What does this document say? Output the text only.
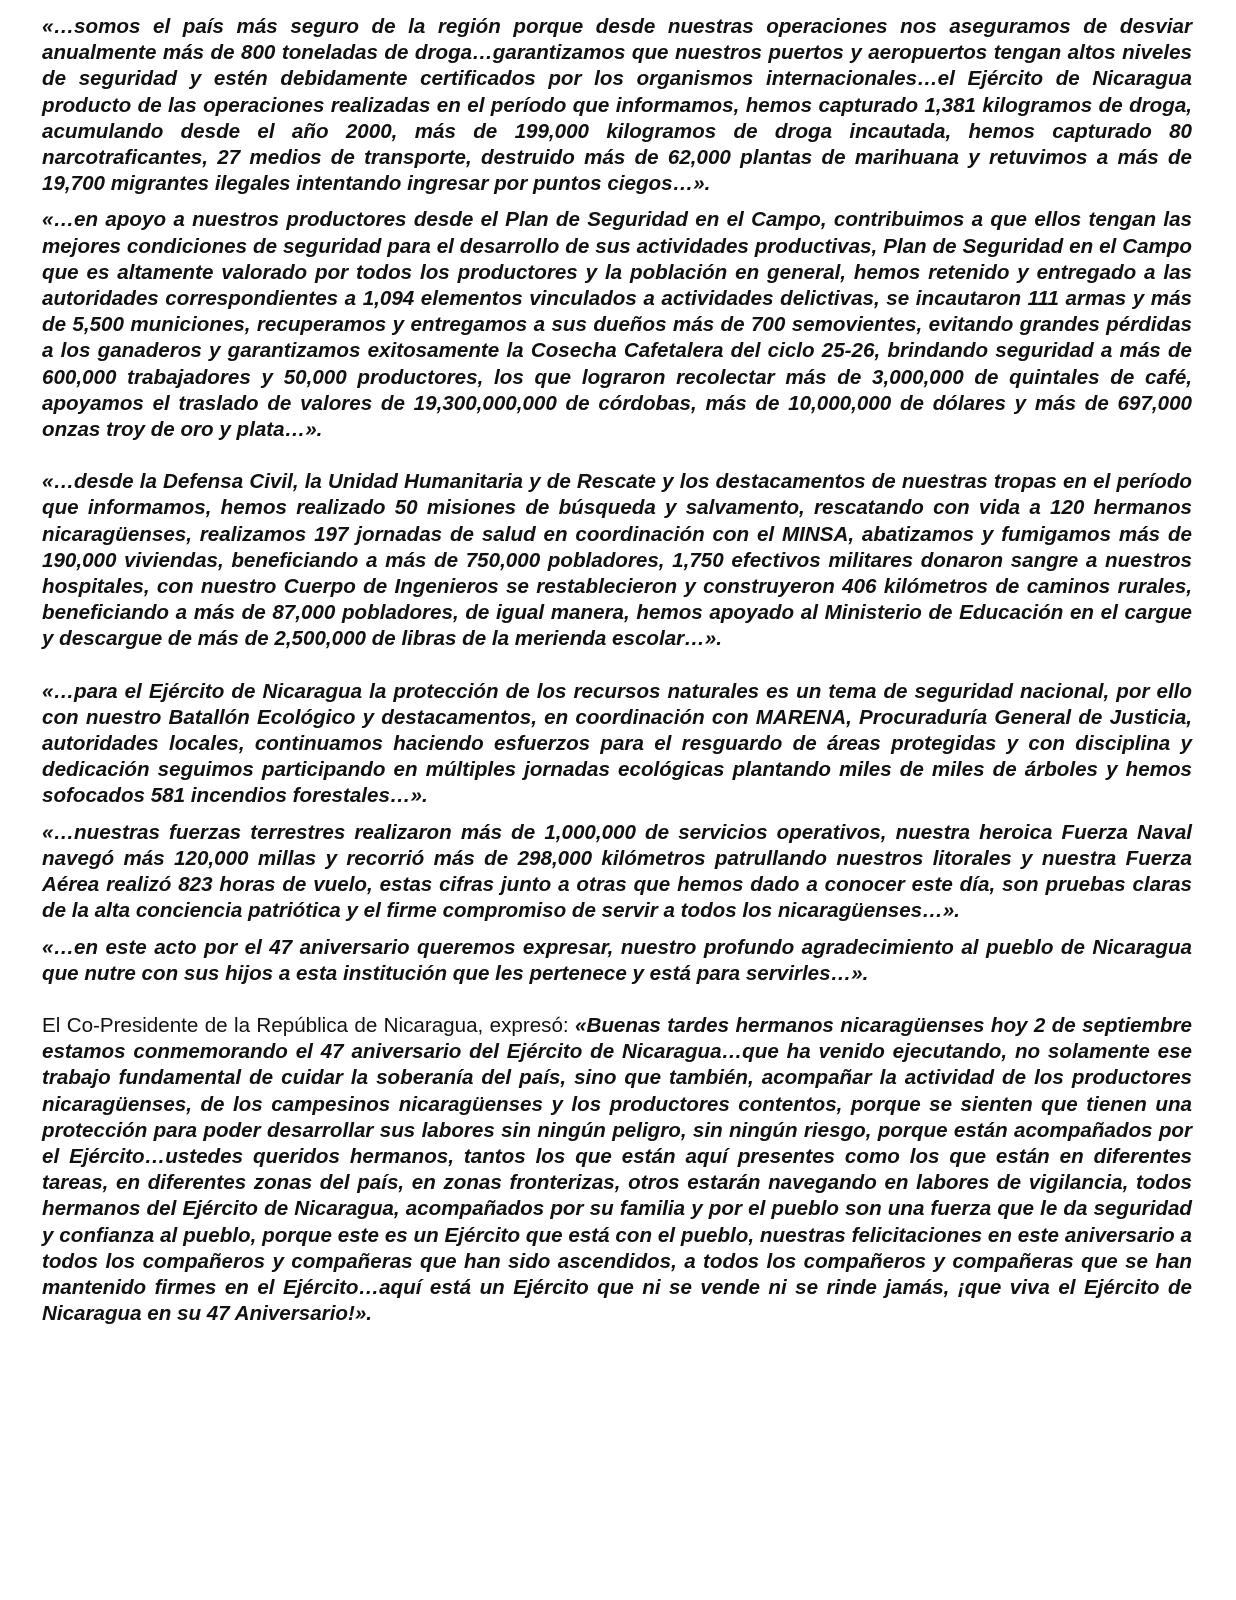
«…somos el país más seguro de la región porque desde nuestras operaciones nos aseguramos de desviar anualmente más de 800 toneladas de droga…garantizamos que nuestros puertos y aeropuertos tengan altos niveles de seguridad y estén debidamente certificados por los organismos internacionales…el Ejército de Nicaragua producto de las operaciones realizadas en el período que informamos, hemos capturado 1,381 kilogramos de droga, acumulando desde el año 2000, más de 199,000 kilogramos de droga incautada, hemos capturado 80 narcotraficantes, 27 medios de transporte, destruido más de 62,000 plantas de marihuana y retuvimos a más de 19,700 migrantes ilegales intentando ingresar por puntos ciegos…».

«…en apoyo a nuestros productores desde el Plan de Seguridad en el Campo, contribuimos a que ellos tengan las mejores condiciones de seguridad para el desarrollo de sus actividades productivas, Plan de Seguridad en el Campo que es altamente valorado por todos los productores y la población en general, hemos retenido y entregado a las autoridades correspondientes a 1,094 elementos vinculados a actividades delictivas, se incautaron 111 armas y más de 5,500 municiones, recuperamos y entregamos a sus dueños más de 700 semovientes, evitando grandes pérdidas a los ganaderos y garantizamos exitosamente la Cosecha Cafetalera del ciclo 25-26, brindando seguridad a más de 600,000 trabajadores y 50,000 productores, los que lograron recolectar más de 3,000,000 de quintales de café, apoyamos el traslado de valores de 19,300,000,000 de córdobas, más de 10,000,000 de dólares y más de 697,000 onzas troy de oro y plata…».

«…desde la Defensa Civil, la Unidad Humanitaria y de Rescate y los destacamentos de nuestras tropas en el período que informamos, hemos realizado 50 misiones de búsqueda y salvamento, rescatando con vida a 120 hermanos nicaragüenses, realizamos 197 jornadas de salud en coordinación con el MINSA, abatizamos y fumigamos más de 190,000 viviendas, beneficiando a más de 750,000 pobladores, 1,750 efectivos militares donaron sangre a nuestros hospitales, con nuestro Cuerpo de Ingenieros se restablecieron y construyeron 406 kilómetros de caminos rurales, beneficiando a más de 87,000 pobladores, de igual manera, hemos apoyado al Ministerio de Educación en el cargue y descargue de más de 2,500,000 de libras de la merienda escolar…».

«…para el Ejército de Nicaragua la protección de los recursos naturales es un tema de seguridad nacional, por ello con nuestro Batallón Ecológico y destacamentos, en coordinación con MARENA, Procuraduría General de Justicia, autoridades locales, continuamos haciendo esfuerzos para el resguardo de áreas protegidas y con disciplina y dedicación seguimos participando en múltiples jornadas ecológicas plantando miles de miles de árboles y hemos sofocados 581 incendios forestales…».

«…nuestras fuerzas terrestres realizaron más de 1,000,000 de servicios operativos, nuestra heroica Fuerza Naval navegó más 120,000 millas y recorrió más de 298,000 kilómetros patrullando nuestros litorales y nuestra Fuerza Aérea realizó 823 horas de vuelo, estas cifras junto a otras que hemos dado a conocer este día, son pruebas claras de la alta conciencia patriótica y el firme compromiso de servir a todos los nicaragüenses…».

«…en este acto por el 47 aniversario queremos expresar, nuestro profundo agradecimiento al pueblo de Nicaragua que nutre con sus hijos a esta institución que les pertenece y está para servirles…».

El Co-Presidente de la República de Nicaragua, expresó: «Buenas tardes hermanos nicaragüenses hoy 2 de septiembre estamos conmemorando el 47 aniversario del Ejército de Nicaragua…que ha venido ejecutando, no solamente ese trabajo fundamental de cuidar la soberanía del país, sino que también, acompañar la actividad de los productores nicaragüenses, de los campesinos nicaragüenses y los productores contentos, porque se sienten que tienen una protección para poder desarrollar sus labores sin ningún peligro, sin ningún riesgo, porque están acompañados por el Ejército…ustedes queridos hermanos, tantos los que están aquí presentes como los que están en diferentes tareas, en diferentes zonas del país, en zonas fronterizas, otros estarán navegando en labores de vigilancia, todos hermanos del Ejército de Nicaragua, acompañados por su familia y por el pueblo son una fuerza que le da seguridad y confianza al pueblo, porque este es un Ejército que está con el pueblo, nuestras felicitaciones en este aniversario a todos los compañeros y compañeras que han sido ascendidos, a todos los compañeros y compañeras que se han mantenido firmes en el Ejército…aquí está un Ejército que ni se vende ni se rinde jamás, ¡que viva el Ejército de Nicaragua en su 47 Aniversario!».
